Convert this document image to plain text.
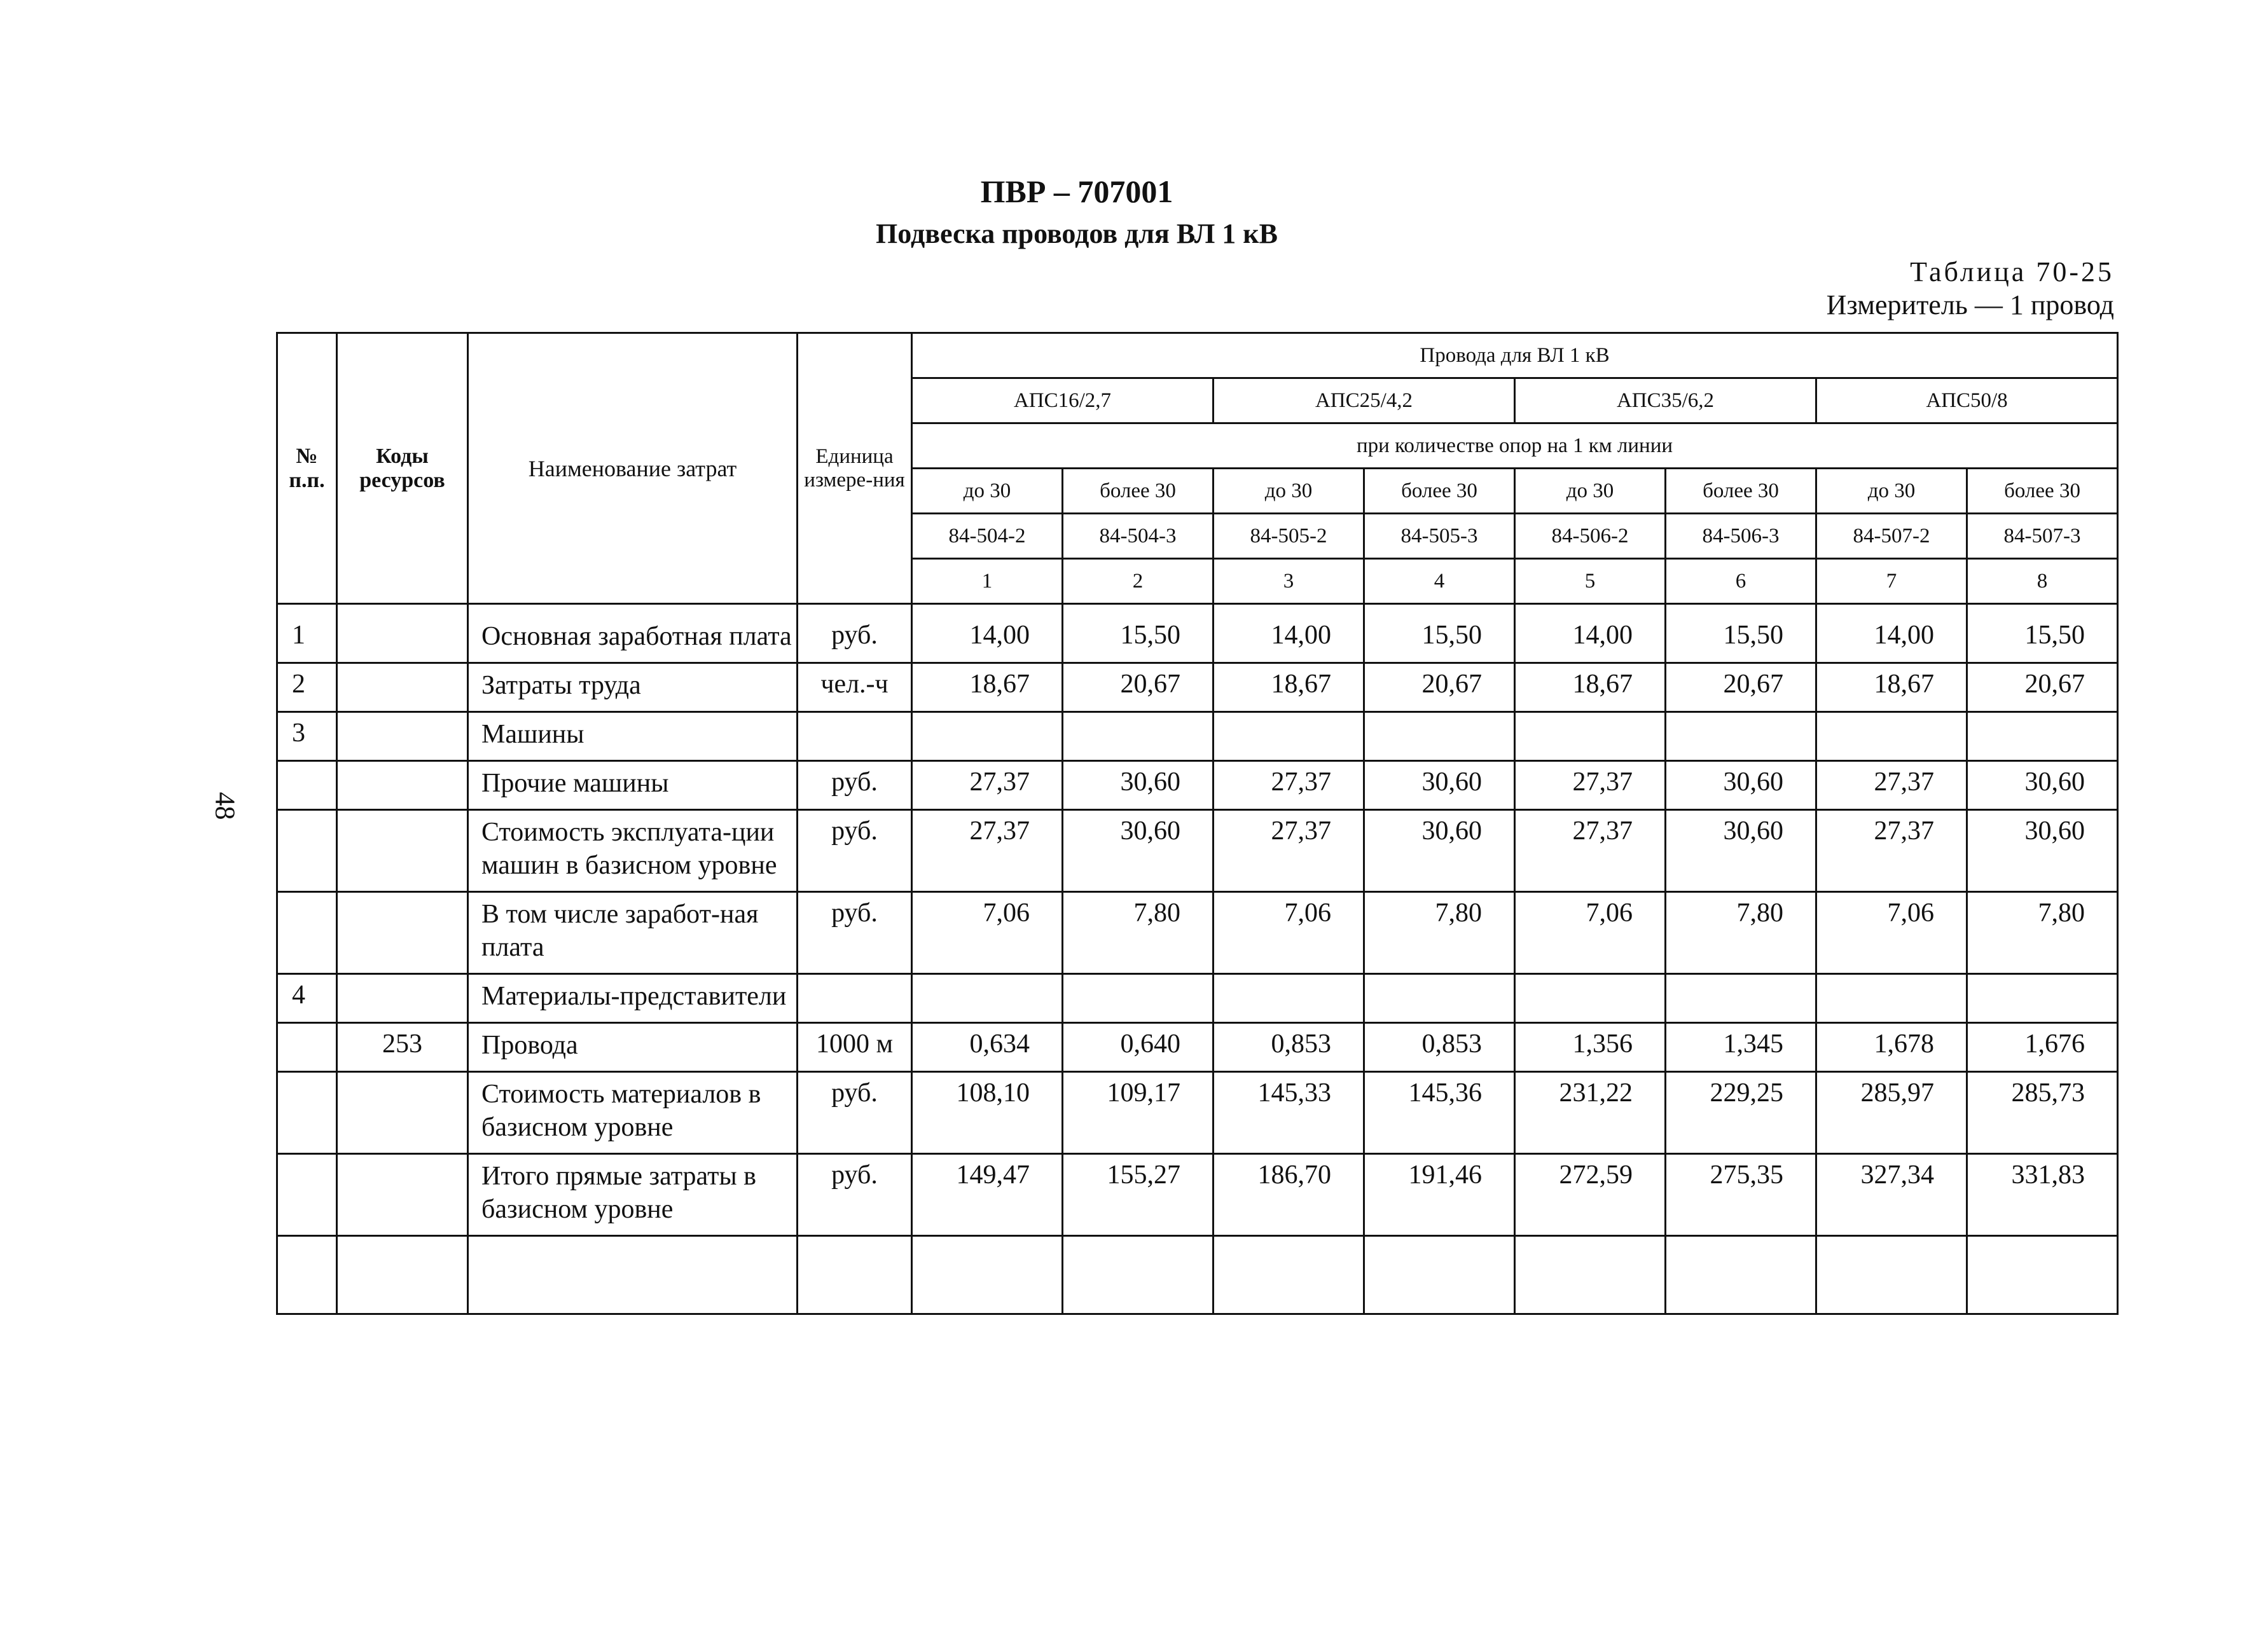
ПВР – 707001
Подвеска проводов для ВЛ 1 кВ
Таблица 70-25
Измеритель — 1 провод
48
№ п.п.	Коды ресурсов	Наименование затрат	Единица измере-ния	Провода для ВЛ 1 кВ							
				АПС16/2,7		АПС25/4,2		АПС35/6,2		АПС50/8	
				при количестве опор на 1 км линии							
				до 30	более 30	до 30	более 30	до 30	более 30	до 30	более 30
				84-504-2	84-504-3	84-505-2	84-505-3	84-506-2	84-506-3	84-507-2	84-507-3
				1	2	3	4	5	6	7	8
1		Основная заработная плата	руб.	14,00	15,50	14,00	15,50	14,00	15,50	14,00	15,50
2		Затраты труда	чел.-ч	18,67	20,67	18,67	20,67	18,67	20,67	18,67	20,67
3		Машины									
		Прочие машины	руб.	27,37	30,60	27,37	30,60	27,37	30,60	27,37	30,60
		Стоимость эксплуата-ции машин в базисном уровне	руб.	27,37	30,60	27,37	30,60	27,37	30,60	27,37	30,60
		В том числе заработ-ная плата	руб.	7,06	7,80	7,06	7,80	7,06	7,80	7,06	7,80
4		Материалы-представители									
	253	Провода	1000 м	0,634	0,640	0,853	0,853	1,356	1,345	1,678	1,676
		Стоимость материалов в базисном уровне	руб.	108,10	109,17	145,33	145,36	231,22	229,25	285,97	285,73
		Итого прямые затраты в базисном уровне	руб.	149,47	155,27	186,70	191,46	272,59	275,35	327,34	331,83
